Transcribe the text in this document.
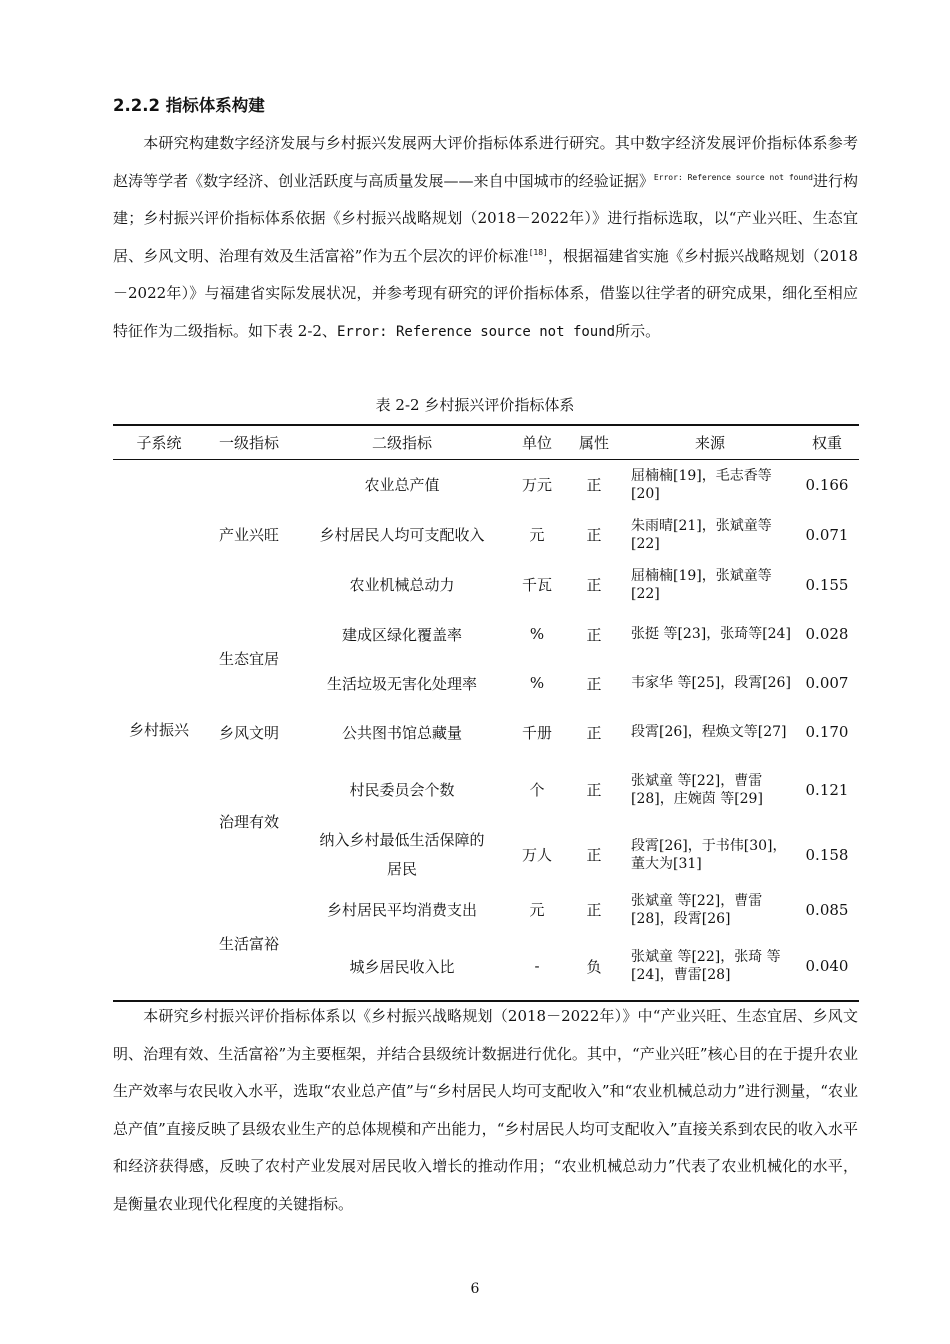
2.2.2 指标体系构建

本研究构建数字经济发展与乡村振兴发展两大评价指标体系进行研究。其中数字经济发展评价指标体系参考赵涛等学者《数字经济、创业活跃度与高质量发展——来自中国城市的经验证据》$^{Error: Reference source not found}$进行构建；乡村振兴评价指标体系依据《乡村振兴战略规划（2018－2022年）》进行指标选取，以“产业兴旺、生态宜居、乡风文明、治理有效及生活富裕”作为五个层次的评价标准[18]，根据福建省实施《乡村振兴战略规划（2018－2022年）》与福建省实际发展状况，并参考现有研究的评价指标体系，借鉴以往学者的研究成果，细化至相应特征作为二级指标。如下表 2-2、Error: Reference source not found所示。

表 2-2 乡村振兴评价指标体系
子系统	一级指标	二级指标	单位	属性	来源	权重
乡村振兴	产业兴旺	农业总产值	万元	正	屈楠楠[19]，毛志香等[20]	0.166
		乡村居民人均可支配收入	元	正	朱雨晴[21]，张斌童等[22]	0.071
		农业机械总动力	千瓦	正	屈楠楠[19]，张斌童等[22]	0.155
	生态宜居	建成区绿化覆盖率	%	正	张挺 等[23]，张琦等[24]	0.028
		生活垃圾无害化处理率	%	正	韦家华 等[25]，段霄[26]	0.007
	乡风文明	公共图书馆总藏量	千册	正	段霄[26]，程焕文等[27]	0.170
	治理有效	村民委员会个数	个	正	张斌童 等[22]，曹雷[28]，庄婉茵 等[29]	0.121
		纳入乡村最低生活保障的居民	万人	正	段霄[26]，于书伟[30]，董大为[31]	0.158
	生活富裕	乡村居民平均消费支出	元	正	张斌童 等[22]，曹雷[28]，段霄[26]	0.085
		城乡居民收入比	-	负	张斌童 等[22]，张琦 等[24]，曹雷[28]	0.040

本研究乡村振兴评价指标体系以《乡村振兴战略规划（2018－2022年）》中“产业兴旺、生态宜居、乡风文明、治理有效、生活富裕”为主要框架，并结合县级统计数据进行优化。其中，“产业兴旺”核心目的在于提升农业生产效率与农民收入水平，选取“农业总产值”与“乡村居民人均可支配收入”和“农业机械总动力”进行测量，“农业总产值”直接反映了县级农业生产的总体规模和产出能力，“乡村居民人均可支配收入”直接关系到农民的收入水平和经济获得感，反映了农村产业发展对居民收入增长的推动作用；“农业机械总动力”代表了农业机械化的水平，是衡量农业现代化程度的关键指标。

6
